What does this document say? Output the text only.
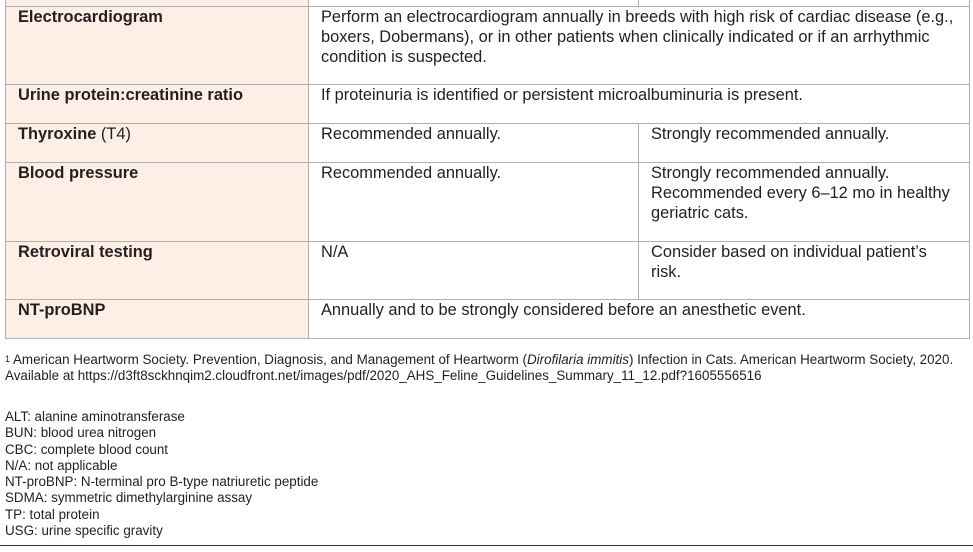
Electrocardiogram	Perform an electrocardiogram annually in breeds with high risk of cardiac disease (e.g., boxers, Dobermans), or in other patients when clinically indicated or if an arrhythmic condition is suspected.	
Urine protein:creatinine ratio	If proteinuria is identified or persistent microalbuminuria is present.	
Thyroxine (T4)	Recommended annually.	Strongly recommended annually.
Blood pressure	Recommended annually.	Strongly recommended annually. Recommended every 6–12 mo in healthy geriatric cats.
Retroviral testing	N/A	Consider based on individual patient’s risk.
NT-proBNP	Annually and to be strongly considered before an anesthetic event.	
$^1$ American Heartworm Society. Prevention, Diagnosis, and Management of Heartworm (Dirofilaria immitis) Infection in Cats. American Heartworm Society, 2020. Available at https://d3ft8sckhnqim2.cloudfront.net/images/pdf/2020_AHS_Feline_Guidelines_Summary_11_12.pdf?1605556516
ALT: alanine aminotransferase
BUN: blood urea nitrogen
CBC: complete blood count
N/A: not applicable
NT-proBNP: N-terminal pro B-type natriuretic peptide
SDMA: symmetric dimethylarginine assay
TP: total protein
USG: urine specific gravity
